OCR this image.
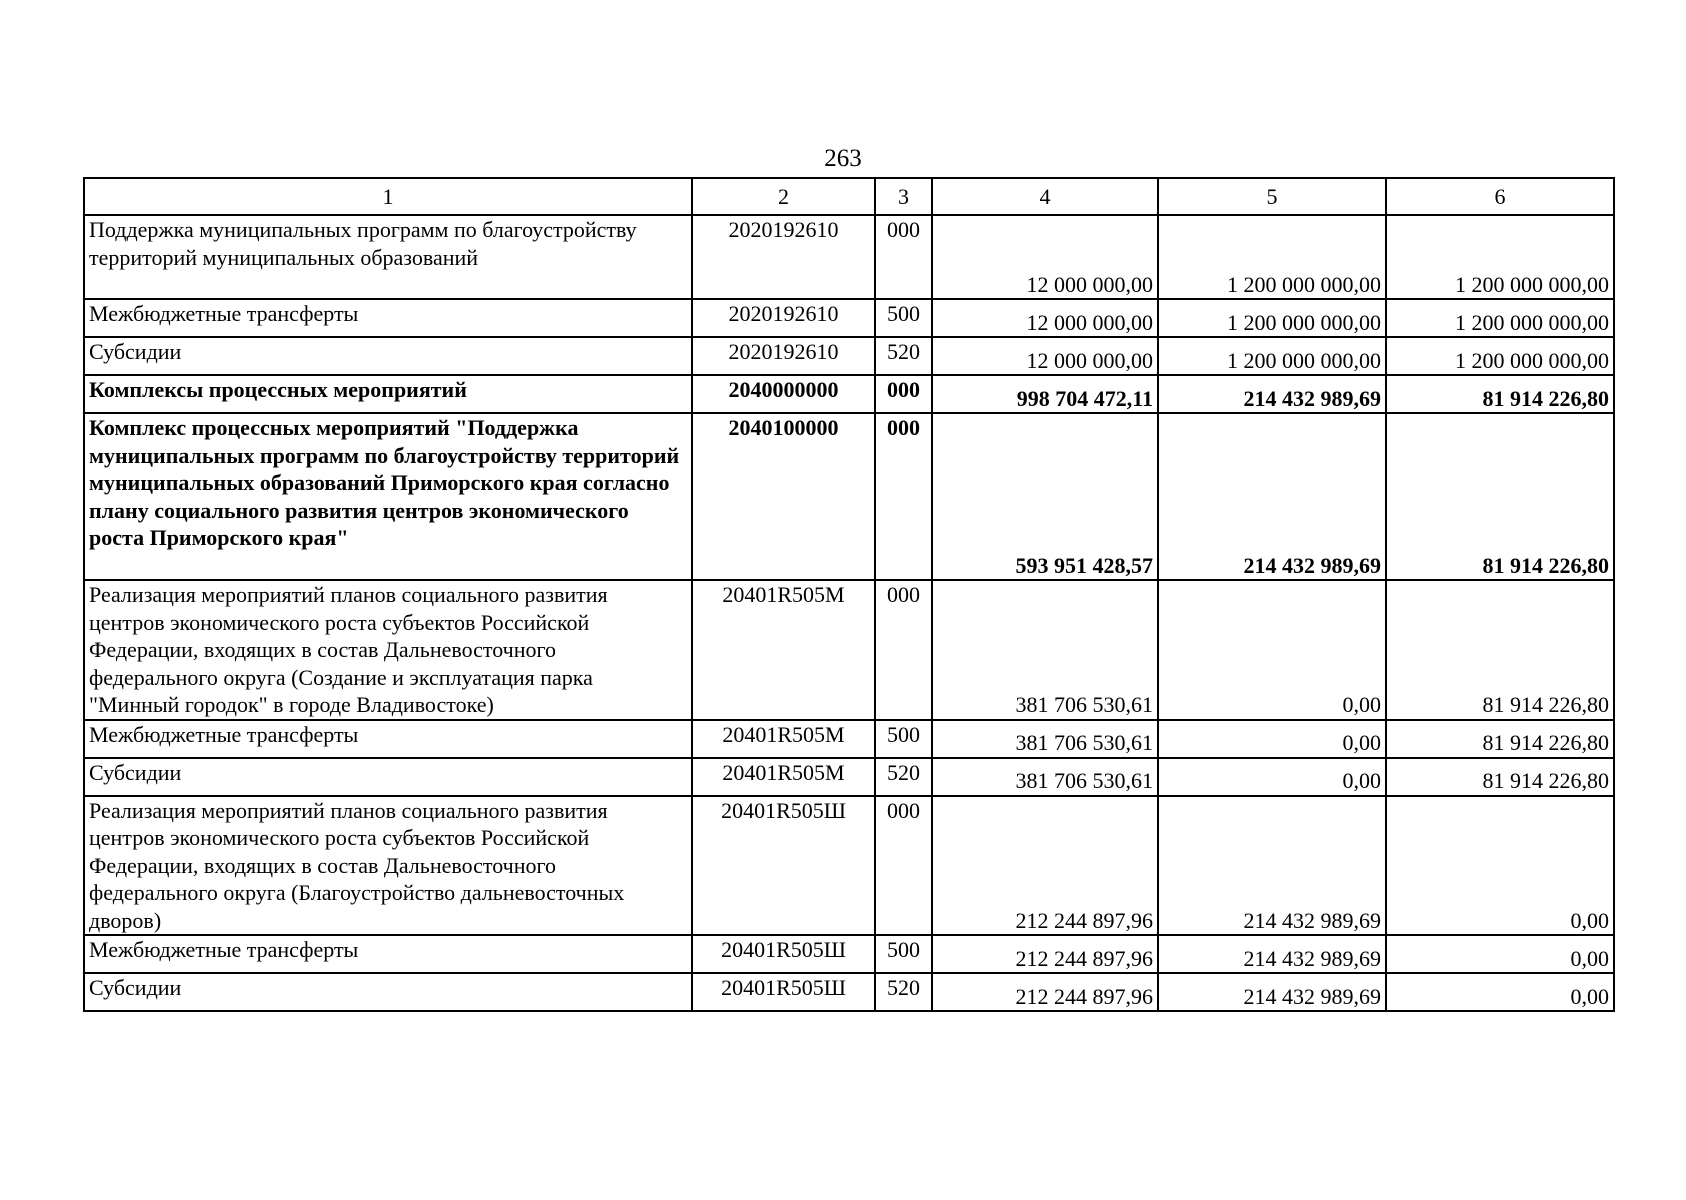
263
1	2	3	4	5	6
Поддержка муниципальных программ по благоустройству территорий муниципальных образований	2020192610	000	12 000 000,00	1 200 000 000,00	1 200 000 000,00
Межбюджетные трансферты	2020192610	500	12 000 000,00	1 200 000 000,00	1 200 000 000,00
Субсидии	2020192610	520	12 000 000,00	1 200 000 000,00	1 200 000 000,00
Комплексы процессных мероприятий	2040000000	000	998 704 472,11	214 432 989,69	81 914 226,80
Комплекс процессных мероприятий "Поддержка муниципальных программ по благоустройству территорий муниципальных образований Приморского края согласно плану социального развития центров экономического роста Приморского края"	2040100000	000	593 951 428,57	214 432 989,69	81 914 226,80
Реализация мероприятий планов социального развития центров экономического роста субъектов Российской Федерации, входящих в состав Дальневосточного федерального округа (Создание и эксплуатация парка "Минный городок" в городе Владивостоке)	20401R505M	000	381 706 530,61	0,00	81 914 226,80
Межбюджетные трансферты	20401R505M	500	381 706 530,61	0,00	81 914 226,80
Субсидии	20401R505M	520	381 706 530,61	0,00	81 914 226,80
Реализация мероприятий планов социального развития центров экономического роста субъектов Российской Федерации, входящих в состав Дальневосточного федерального округа (Благоустройство дальневосточных дворов)	20401R505Ш	000	212 244 897,96	214 432 989,69	0,00
Межбюджетные трансферты	20401R505Ш	500	212 244 897,96	214 432 989,69	0,00
Субсидии	20401R505Ш	520	212 244 897,96	214 432 989,69	0,00
